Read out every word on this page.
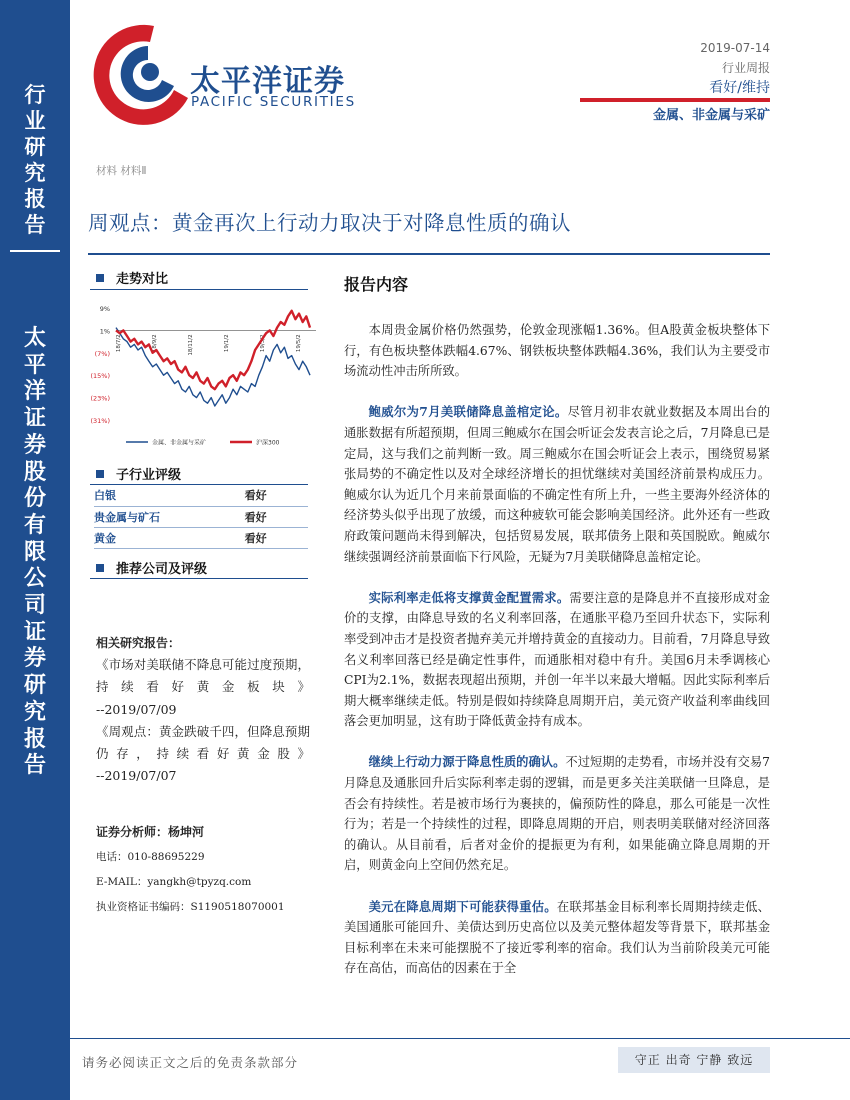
行业研究报告
太平洋证券股份有限公司证券研究报告
太平洋证券
PACIFIC SECURITIES
2019-07-14
行业周报
看好/维持
金属、非金属与采矿
材料 材料Ⅱ
周观点：黄金再次上行动力取决于对降息性质的确认
走势对比
9%
1%
(7%)
(15%)
(23%)
(31%)
18/7/2	18/9/2	18/11/2	19/1/2	19/3/2	19/5/2
金属、非金属与采矿	沪深300
子行业评级
白银	看好
贵金属与矿石	看好
黄金	看好
推荐公司及评级
相关研究报告：
《市场对美联储不降息可能过度预期，持续看好黄金板块》
--2019/07/09
《周观点：黄金跌破千四，但降息预期仍存，持续看好黄金股》
--2019/07/07
证券分析师：杨坤河
电话：010-88695229
E-MAIL：yangkh@tpyzq.com
执业资格证书编码：S1190518070001
报告内容

本周贵金属价格仍然强势，伦敦金现涨幅1.36%。但A股黄金板块整体下行，有色板块整体跌幅4.67%、钢铁板块整体跌幅4.36%，我们认为主要受市场流动性冲击所所致。

鲍威尔为7月美联储降息盖棺定论。尽管月初非农就业数据及本周出台的通胀数据有所超预期，但周三鲍威尔在国会听证会发表言论之后，7月降息已是定局，这与我们之前判断一致。周三鲍威尔在国会听证会上表示，围绕贸易紧张局势的不确定性以及对全球经济增长的担忧继续对美国经济前景构成压力。鲍威尔认为近几个月来前景面临的不确定性有所上升，一些主要海外经济体的经济势头似乎出现了放缓，而这种疲软可能会影响美国经济。此外还有一些政府政策问题尚未得到解决，包括贸易发展，联邦债务上限和英国脱欧。鲍威尔继续强调经济前景面临下行风险，无疑为7月美联储降息盖棺定论。

实际利率走低将支撑黄金配置需求。需要注意的是降息并不直接形成对金价的支撑，由降息导致的名义利率回落，在通胀平稳乃至回升状态下，实际利率受到冲击才是投资者抛弃美元并增持黄金的直接动力。目前看，7月降息导致名义利率回落已经是确定性事件，而通胀相对稳中有升。美国6月未季调核心CPI为2.1%，数据表现超出预期，并创一年半以来最大增幅。因此实际利率后期大概率继续走低。特别是假如持续降息周期开启，美元资产收益利率曲线回落会更加明显，这有助于降低黄金持有成本。

继续上行动力源于降息性质的确认。不过短期的走势看，市场并没有交易7月降息及通胀回升后实际利率走弱的逻辑，而是更多关注美联储一旦降息，是否会有持续性。若是被市场行为裹挟的，偏预防性的降息，那么可能是一次性行为；若是一个持续性的过程，即降息周期的开启，则表明美联储对经济回落的确认。从目前看，后者对金价的提振更为有利，如果能确立降息周期的开启，则黄金向上空间仍然充足。

美元在降息周期下可能获得重估。在联邦基金目标利率长周期持续走低、美国通胀可能回升、美债达到历史高位以及美元整体超发等背景下，联邦基金目标利率在未来可能摆脱不了接近零利率的宿命。我们认为当前阶段美元可能存在高估，而高估的因素在于全

请务必阅读正文之后的免责条款部分	守正 出奇 宁静 致远
